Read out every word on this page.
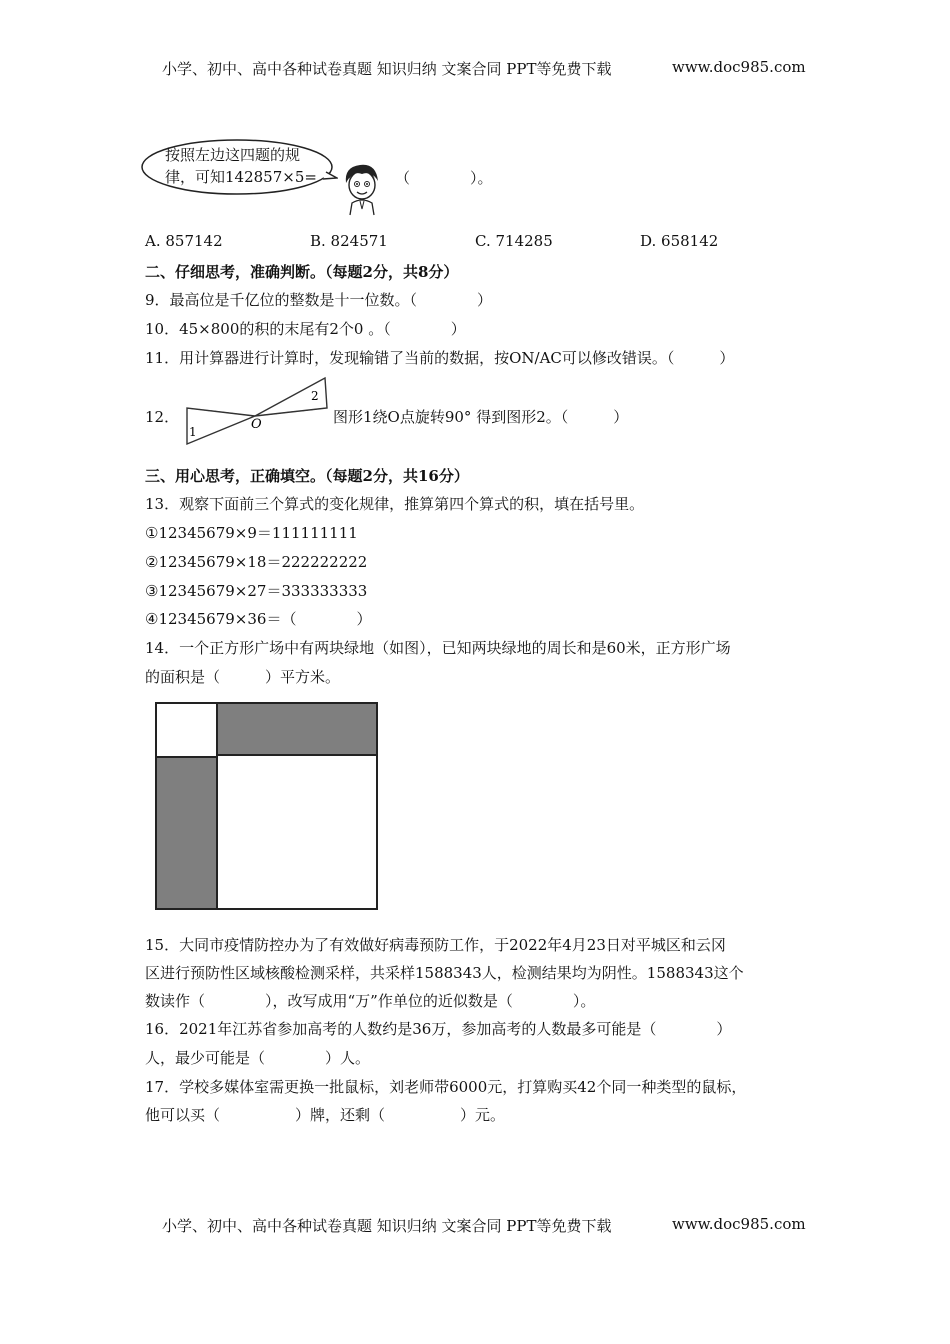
小学、初中、高中各种试卷真题 知识归纳 文案合同 PPT等免费下载	www.doc985.com
按照左边这四题的规
律，可知142857×5=	（　　　　）。
A. 857142	B. 824571	C. 714285	D. 658142
二、仔细思考，准确判断。（每题2分，共8分）
9．最高位是千亿位的整数是十一位数。（　　　　）
10．45×800的积的末尾有2个0 。（　　　　）
11．用计算器进行计算时，发现输错了当前的数据，按ON/AC可以修改错误。（　　　）
12．
1
2
O	图形1绕O点旋转90° 得到图形2。（　　　）
三、用心思考，正确填空。（每题2分，共16分）
13．观察下面前三个算式的变化规律，推算第四个算式的积，填在括号里。
①12345679×9＝111111111
②12345679×18＝222222222
③12345679×27＝333333333
④12345679×36＝（　　　　）
14．一个正方形广场中有两块绿地（如图），已知两块绿地的周长和是60米，正方形广场
的面积是（　　　）平方米。
15．大同市疫情防控办为了有效做好病毒预防工作，于2022年4月23日对平城区和云冈
区进行预防性区域核酸检测采样，共采样1588343人，检测结果均为阴性。1588343这个
数读作（　　　　），改写成用“万”作单位的近似数是（　　　　）。
16．2021年江苏省参加高考的人数约是36万，参加高考的人数最多可能是（　　　　）
人，最少可能是（　　　　）人。
17．学校多媒体室需更换一批鼠标，刘老师带6000元，打算购买42个同一种类型的鼠标，
他可以买（　　　　　）牌，还剩（　　　　　）元。
小学、初中、高中各种试卷真题 知识归纳 文案合同 PPT等免费下载	www.doc985.com
